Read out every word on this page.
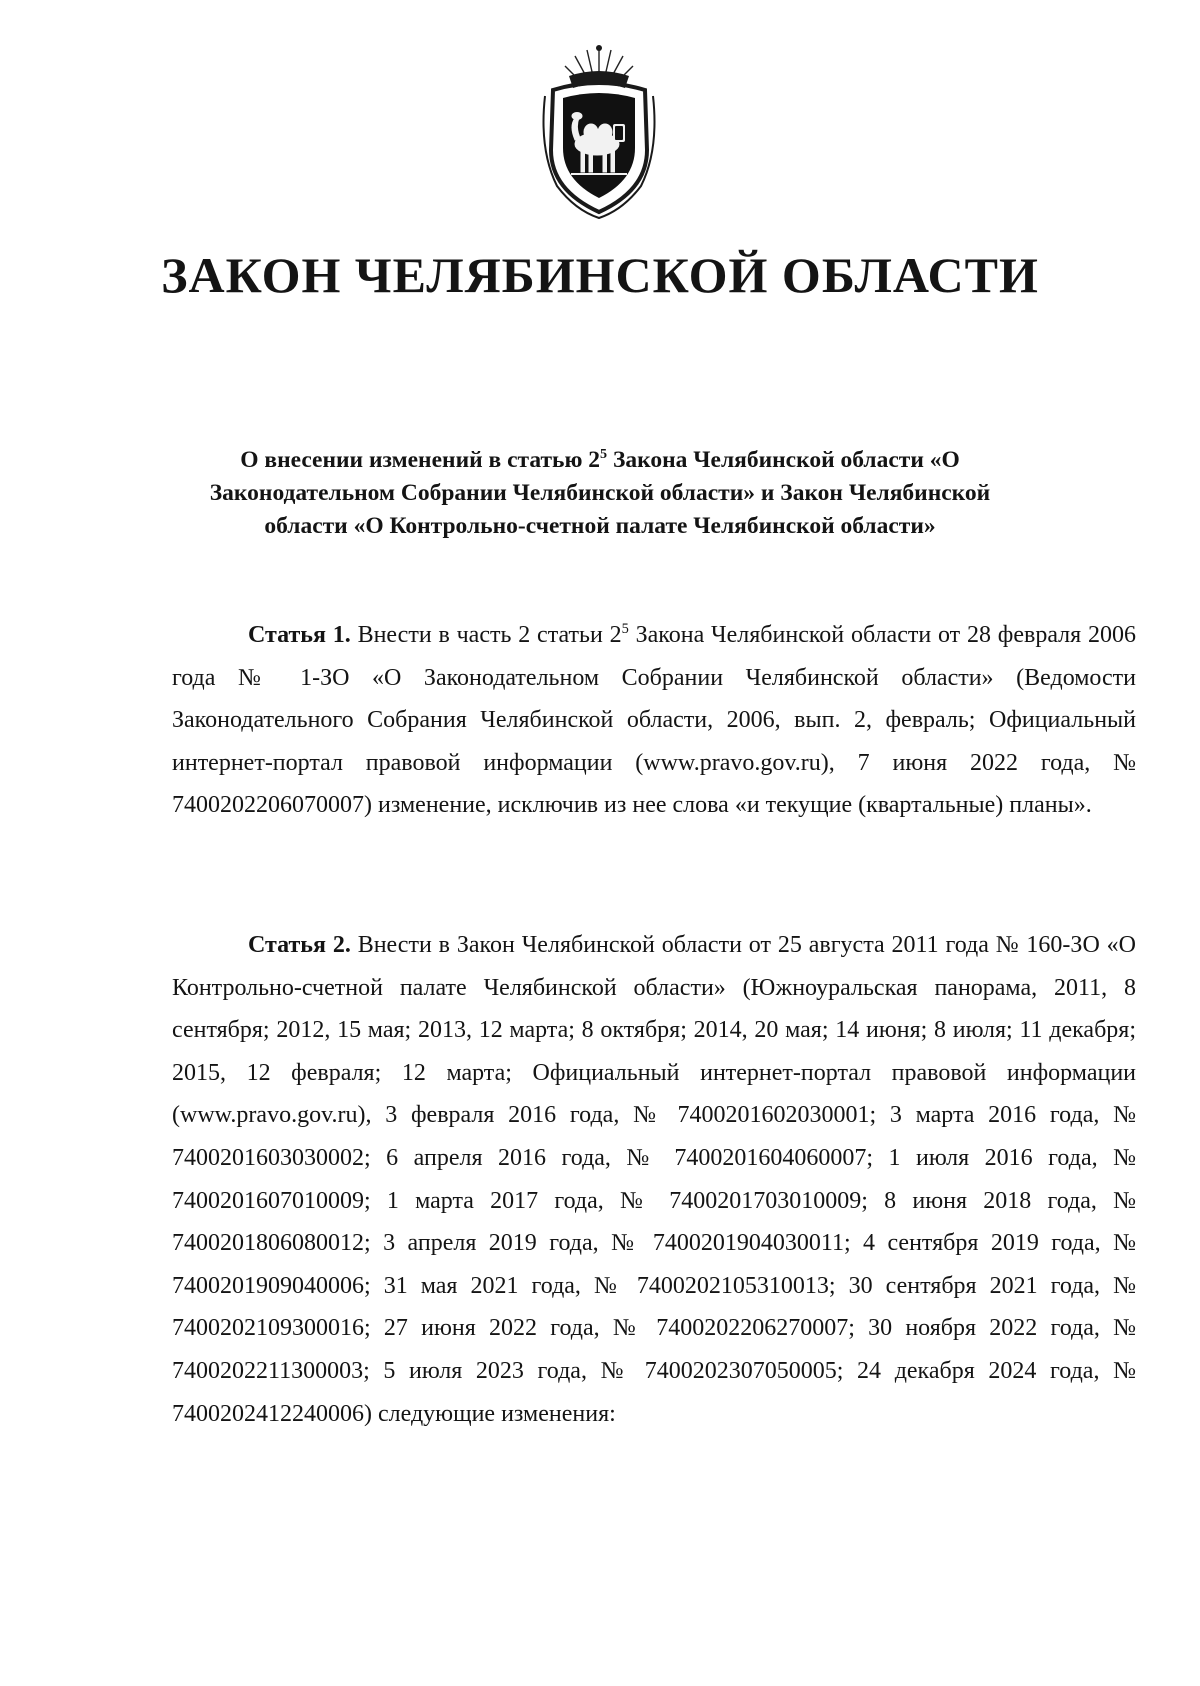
ЗАКОН ЧЕЛЯБИНСКОЙ ОБЛАСТИ
О внесении изменений в статью $2^5$ Закона Челябинской области «О Законодательном Собрании Челябинской области» и Закон Челябинской области «О Контрольно-счетной палате Челябинской области»
Статья 1. Внести в часть 2 статьи $2^5$ Закона Челябинской области от 28 февраля 2006 года № 1-ЗО «О Законодательном Собрании Челябинской области» (Ведомости Законодательного Собрания Челябинской области, 2006, вып. 2, февраль; Официальный интернет-портал правовой информации (www.pravo.gov.ru), 7 июня 2022 года, № 7400202206070007) изменение, исключив из нее слова «и текущие (квартальные) планы».
Статья 2. Внести в Закон Челябинской области от 25 августа 2011 года № 160-ЗО «О Контрольно-счетной палате Челябинской области» (Южноуральская панорама, 2011, 8 сентября; 2012, 15 мая; 2013, 12 марта; 8 октября; 2014, 20 мая; 14 июня; 8 июля; 11 декабря; 2015, 12 февраля; 12 марта; Официальный интернет-портал правовой информации (www.pravo.gov.ru), 3 февраля 2016 года, № 7400201602030001; 3 марта 2016 года, № 7400201603030002; 6 апреля 2016 года, № 7400201604060007; 1 июля 2016 года, № 7400201607010009; 1 марта 2017 года, № 7400201703010009; 8 июня 2018 года, № 7400201806080012; 3 апреля 2019 года, № 7400201904030011; 4 сентября 2019 года, № 7400201909040006; 31 мая 2021 года, № 7400202105310013; 30 сентября 2021 года, № 7400202109300016; 27 июня 2022 года, № 7400202206270007; 30 ноября 2022 года, № 7400202211300003; 5 июля 2023 года, № 7400202307050005; 24 декабря 2024 года, № 7400202412240006) следующие изменения:
